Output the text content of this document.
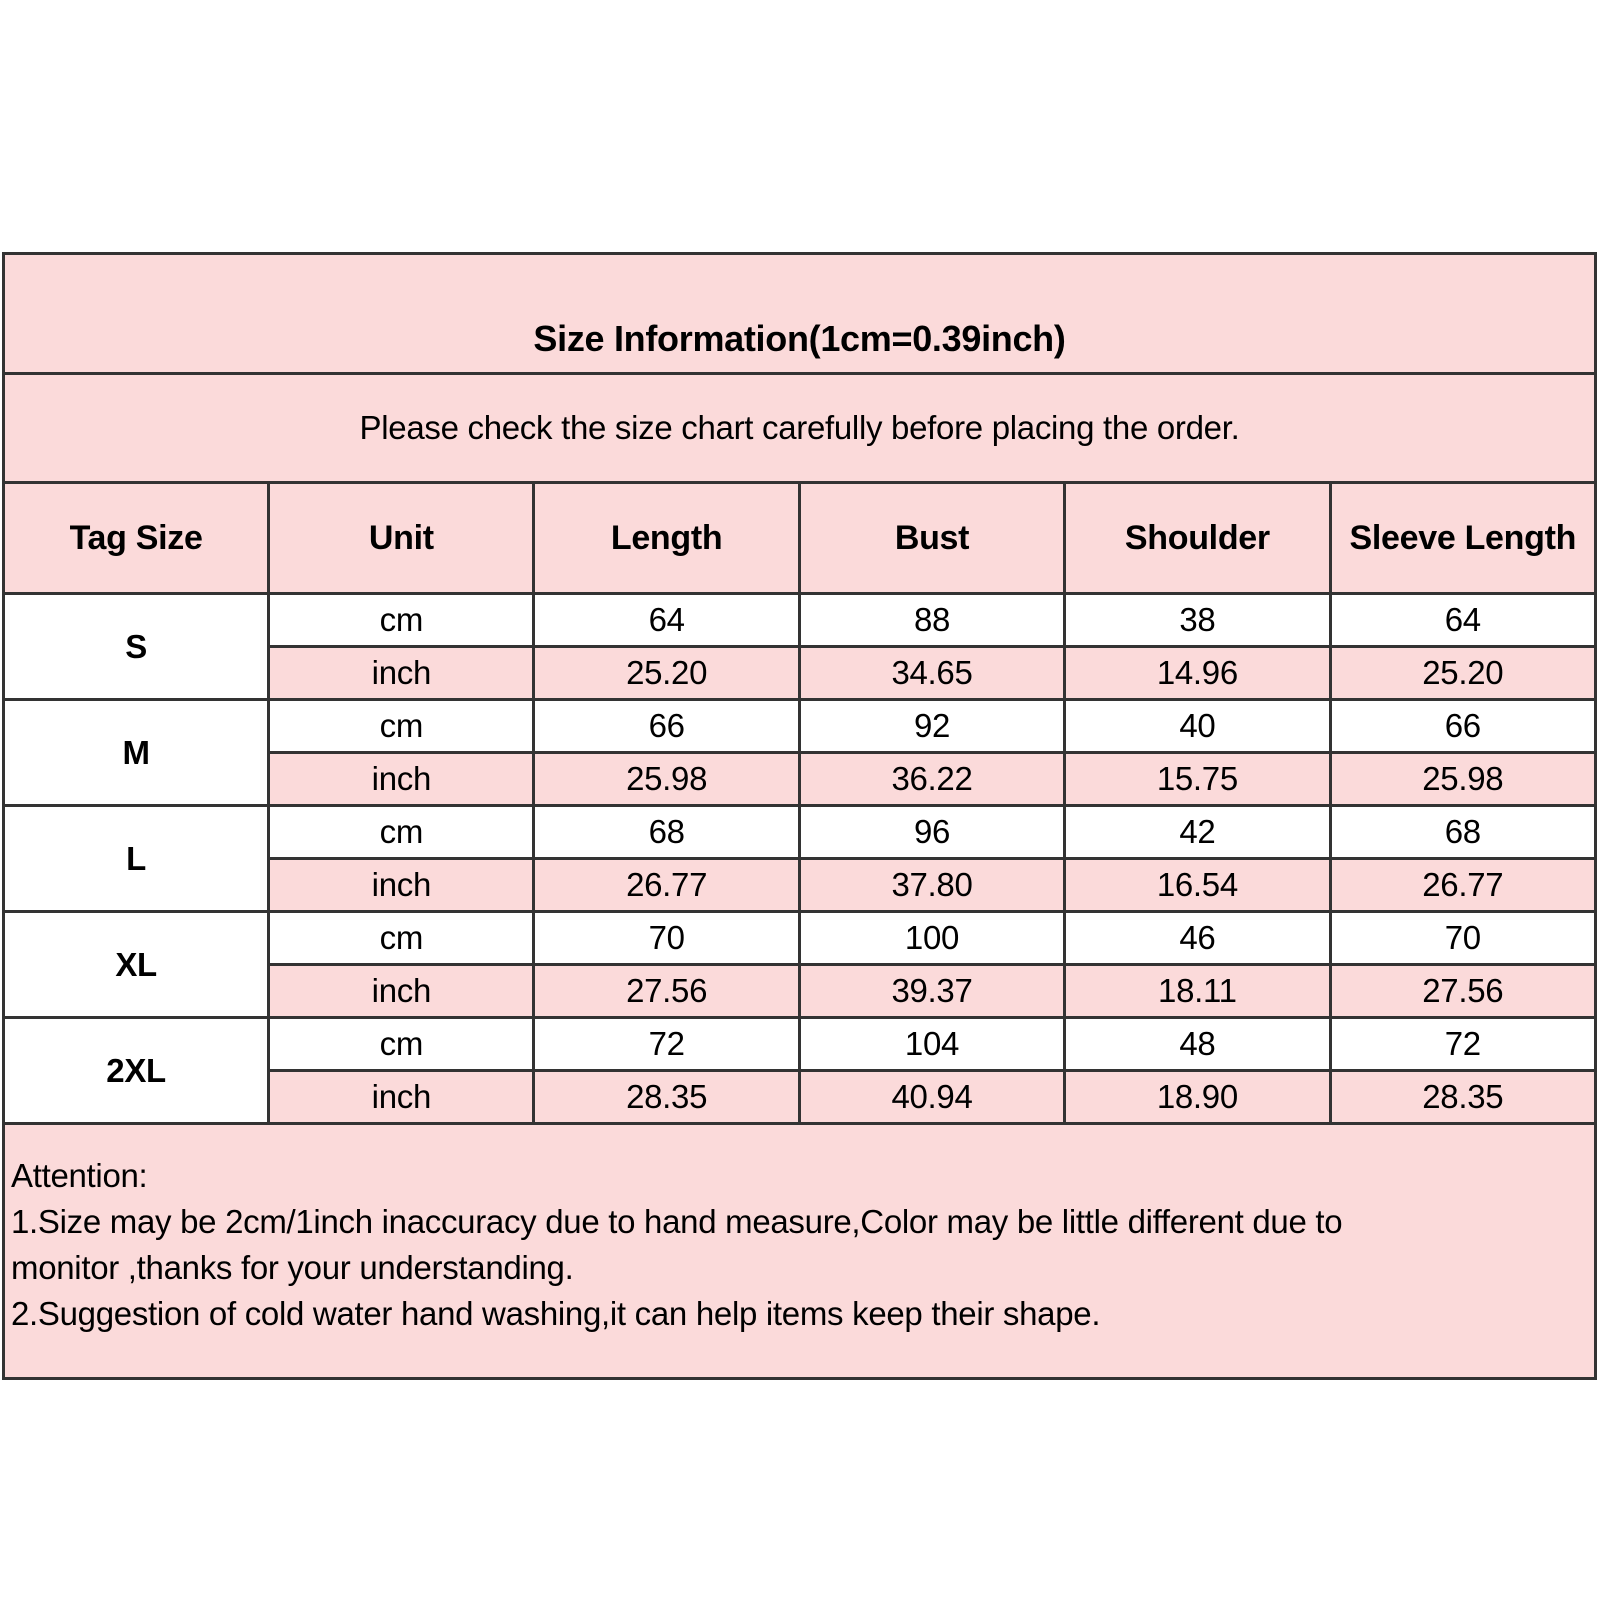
Size Information(1cm=0.39inch)					
Please check the size chart carefully before placing the order.					
Tag Size	Unit	Length	Bust	Shoulder	Sleeve Length
S	cm	64	88	38	64
	inch	25.20	34.65	14.96	25.20
M	cm	66	92	40	66
	inch	25.98	36.22	15.75	25.98
L	cm	68	96	42	68
	inch	26.77	37.80	16.54	26.77
XL	cm	70	100	46	70
	inch	27.56	39.37	18.11	27.56
2XL	cm	72	104	48	72
	inch	28.35	40.94	18.90	28.35

Attention:
1.Size may be 2cm/1inch inaccuracy due to hand measure,Color may be little different due to
monitor ,thanks for your understanding.
2.Suggestion of cold water hand washing,it can help items keep their shape.					
